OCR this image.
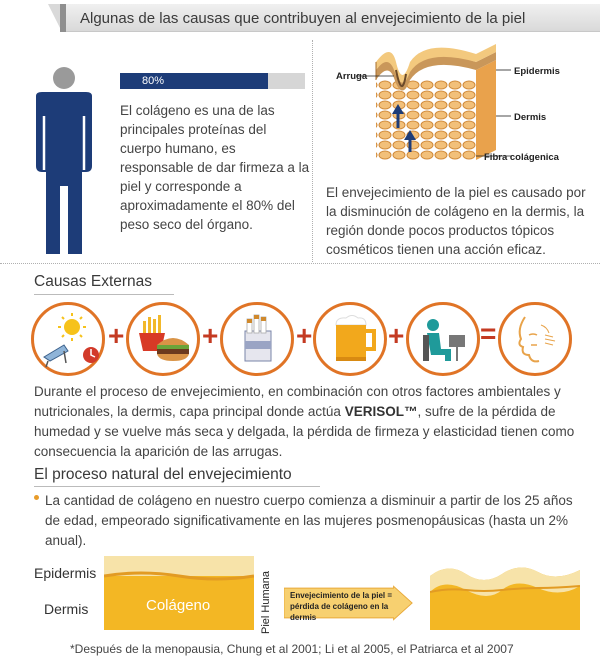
Algunas de las causas que contribuyen al envejecimiento de la piel
80%
El colágeno es una de las principales proteínas del cuerpo humano, es responsable de dar firmeza a la piel y corresponde a aproximadamente el 80% del peso seco del órgano.
Arruga	Epidermis
Dermis
Fibra colágenica
El envejecimiento de la piel es causado por la disminución de colágeno en la dermis, la región donde pocos productos tópicos cosméticos tienen una acción eficaz.
Causas Externas
+	+	+	+	=
Durante el proceso de envejecimiento, en combinación con otros factores ambientales y nutricionales, la dermis, capa principal donde actúa VERISOL™, sufre de la pérdida de humedad y se vuelve más seca y delgada, la pérdida de firmeza y elasticidad tienen como consecuencia la aparición de las arrugas.
El proceso natural del envejecimiento
La cantidad de colágeno en nuestro cuerpo comienza a disminuir a partir de los 25 años de edad, empeorado significativamente en las mujeres posmenopáusicas (hasta un 2% anual).
Epidermis
Dermis	Colágeno	Piel Humana Envejecimiento de la piel = pérdida de colágeno en la dermis
*Después de la menopausia, Chung et al 2001; Li et al 2005, el Patriarca et al 2007
